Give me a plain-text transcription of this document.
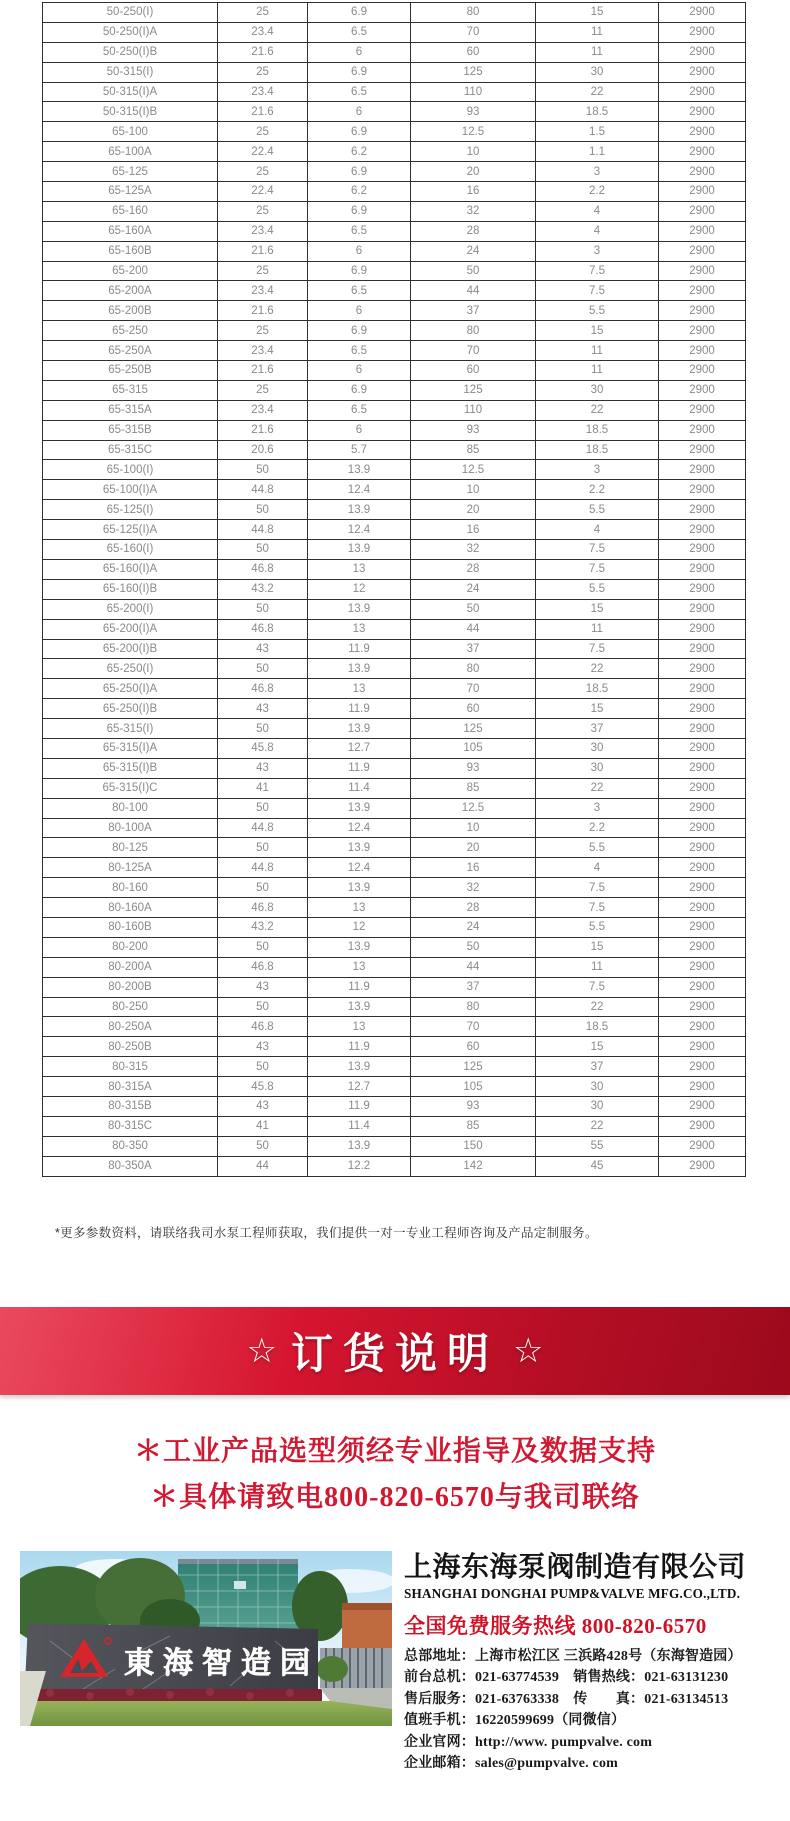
50-250(I)	25	6.9	80	15	2900
50-250(I)A	23.4	6.5	70	11	2900
50-250(I)B	21.6	6	60	11	2900
50-315(I)	25	6.9	125	30	2900
50-315(I)A	23.4	6.5	110	22	2900
50-315(I)B	21.6	6	93	18.5	2900
65-100	25	6.9	12.5	1.5	2900
65-100A	22.4	6.2	10	1.1	2900
65-125	25	6.9	20	3	2900
65-125A	22.4	6.2	16	2.2	2900
65-160	25	6.9	32	4	2900
65-160A	23.4	6.5	28	4	2900
65-160B	21.6	6	24	3	2900
65-200	25	6.9	50	7.5	2900
65-200A	23.4	6.5	44	7.5	2900
65-200B	21.6	6	37	5.5	2900
65-250	25	6.9	80	15	2900
65-250A	23.4	6.5	70	11	2900
65-250B	21.6	6	60	11	2900
65-315	25	6.9	125	30	2900
65-315A	23.4	6.5	110	22	2900
65-315B	21.6	6	93	18.5	2900
65-315C	20.6	5.7	85	18.5	2900
65-100(I)	50	13.9	12.5	3	2900
65-100(I)A	44.8	12.4	10	2.2	2900
65-125(I)	50	13.9	20	5.5	2900
65-125(I)A	44.8	12.4	16	4	2900
65-160(I)	50	13.9	32	7.5	2900
65-160(I)A	46.8	13	28	7.5	2900
65-160(I)B	43.2	12	24	5.5	2900
65-200(I)	50	13.9	50	15	2900
65-200(I)A	46.8	13	44	11	2900
65-200(I)B	43	11.9	37	7.5	2900
65-250(I)	50	13.9	80	22	2900
65-250(I)A	46.8	13	70	18.5	2900
65-250(I)B	43	11.9	60	15	2900
65-315(I)	50	13.9	125	37	2900
65-315(I)A	45.8	12.7	105	30	2900
65-315(I)B	43	11.9	93	30	2900
65-315(I)C	41	11.4	85	22	2900
80-100	50	13.9	12.5	3	2900
80-100A	44.8	12.4	10	2.2	2900
80-125	50	13.9	20	5.5	2900
80-125A	44.8	12.4	16	4	2900
80-160	50	13.9	32	7.5	2900
80-160A	46.8	13	28	7.5	2900
80-160B	43.2	12	24	5.5	2900
80-200	50	13.9	50	15	2900
80-200A	46.8	13	44	11	2900
80-200B	43	11.9	37	7.5	2900
80-250	50	13.9	80	22	2900
80-250A	46.8	13	70	18.5	2900
80-250B	43	11.9	60	15	2900
80-315	50	13.9	125	37	2900
80-315A	45.8	12.7	105	30	2900
80-315B	43	11.9	93	30	2900
80-315C	41	11.4	85	22	2900
80-350	50	13.9	150	55	2900
80-350A	44	12.2	142	45	2900

*更多参数资料，请联络我司水泵工程师获取，我们提供一对一专业工程师咨询及产品定制服务。

☆ 订货说明 ☆

＊工业产品选型须经专业指导及数据支持

＊具体请致电800-820-6570与我司联络

東海智造园
上海东海泵阀制造有限公司
SHANGHAI DONGHAI PUMP&VALVE MFG.CO.,LTD.
全国免费服务热线 800-820-6570
总部地址：上海市松江区 三浜路428号（东海智造园）
前台总机：021-63774539　销售热线：021-63131230
售后服务：021-63763338　传　　真：021-63134513
值班手机：16220599699（同微信）
企业官网：http://www. pumpvalve. com
企业邮箱：sales@pumpvalve. com
